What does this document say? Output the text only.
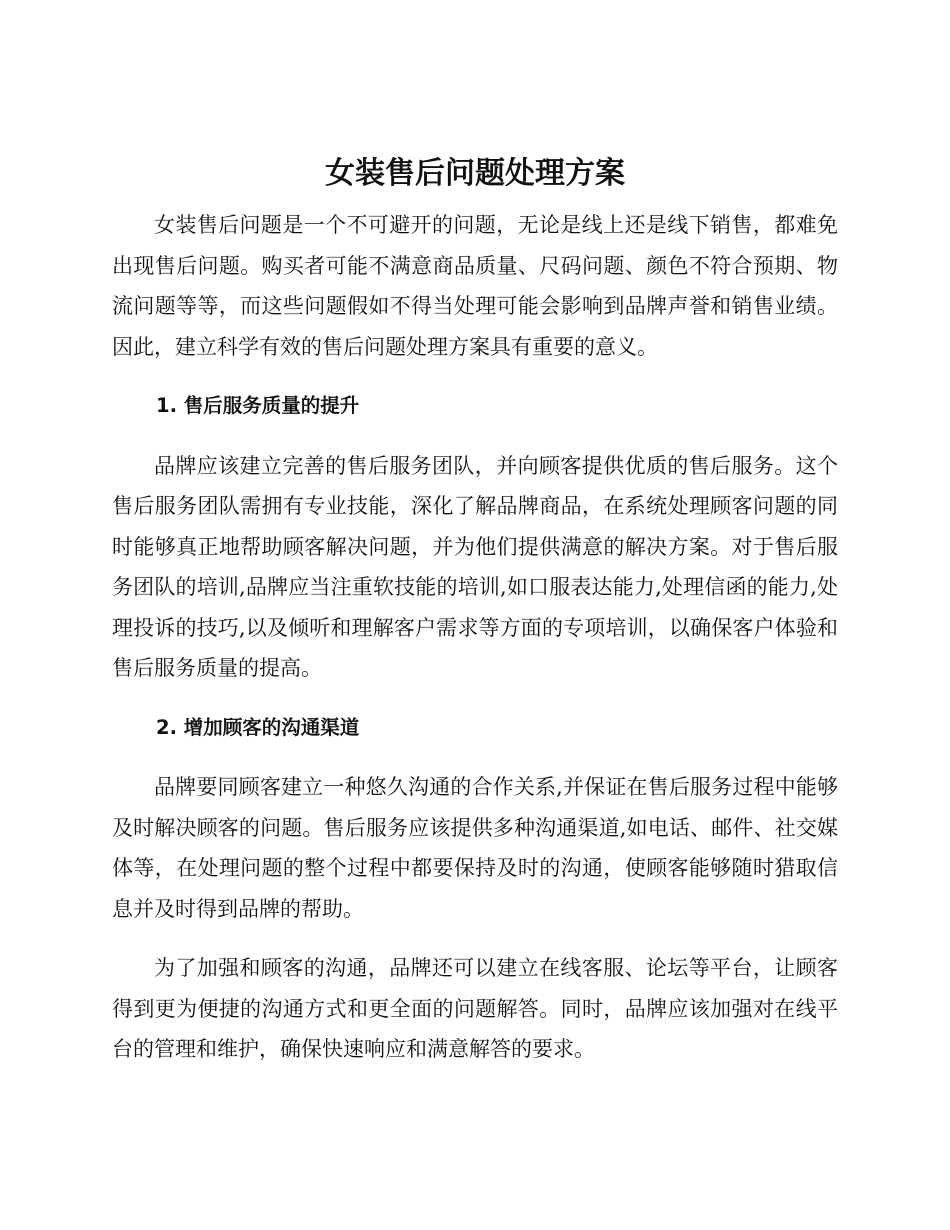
女装售后问题处理方案

女装售后问题是一个不可避开的问题，无论是线上还是线下销售，都难免出现售后问题。购买者可能不满意商品质量、尺码问题、颜色不符合预期、物流问题等等，而这些问题假如不得当处理可能会影响到品牌声誉和销售业绩。因此，建立科学有效的售后问题处理方案具有重要的意义。

1. 售后服务质量的提升

品牌应该建立完善的售后服务团队，并向顾客提供优质的售后服务。这个售后服务团队需拥有专业技能，深化了解品牌商品，在系统处理顾客问题的同时能够真正地帮助顾客解决问题，并为他们提供满意的解决方案。对于售后服务团队的培训,品牌应当注重软技能的培训,如口服表达能力,处理信函的能力,处理投诉的技巧,以及倾听和理解客户需求等方面的专项培训，以确保客户体验和售后服务质量的提高。

2. 增加顾客的沟通渠道

品牌要同顾客建立一种悠久沟通的合作关系,并保证在售后服务过程中能够及时解决顾客的问题。售后服务应该提供多种沟通渠道,如电话、邮件、社交媒体等，在处理问题的整个过程中都要保持及时的沟通，使顾客能够随时猎取信息并及时得到品牌的帮助。

为了加强和顾客的沟通，品牌还可以建立在线客服、论坛等平台，让顾客得到更为便捷的沟通方式和更全面的问题解答。同时，品牌应该加强对在线平台的管理和维护，确保快速响应和满意解答的要求。
